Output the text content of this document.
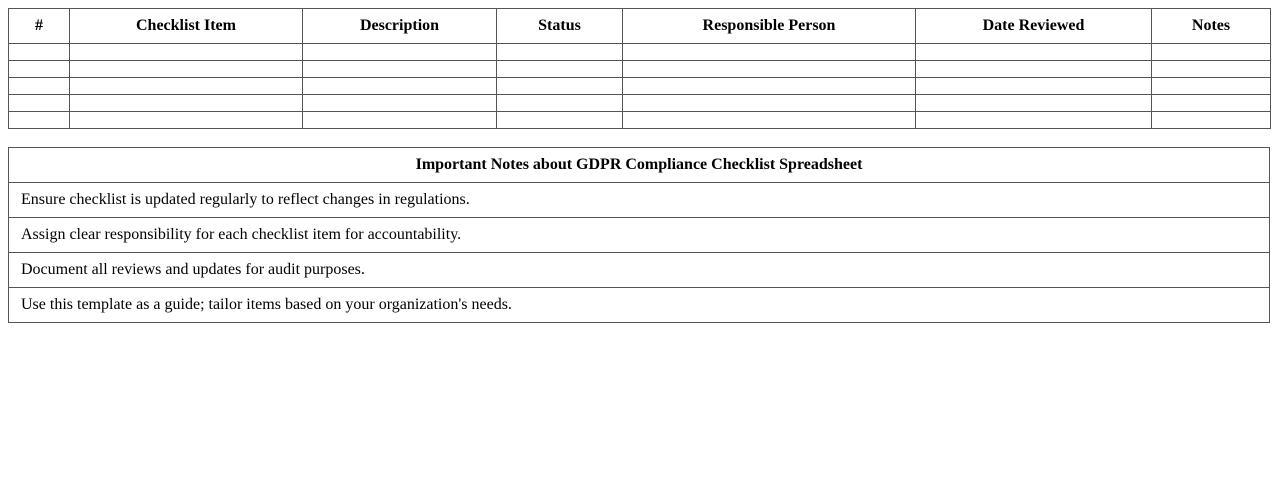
#	Checklist Item	Description	Status	Responsible Person	Date Reviewed	Notes

Important Notes about GDPR Compliance Checklist Spreadsheet
Ensure checklist is updated regularly to reflect changes in regulations.
Assign clear responsibility for each checklist item for accountability.
Document all reviews and updates for audit purposes.
Use this template as a guide; tailor items based on your organization's needs.
